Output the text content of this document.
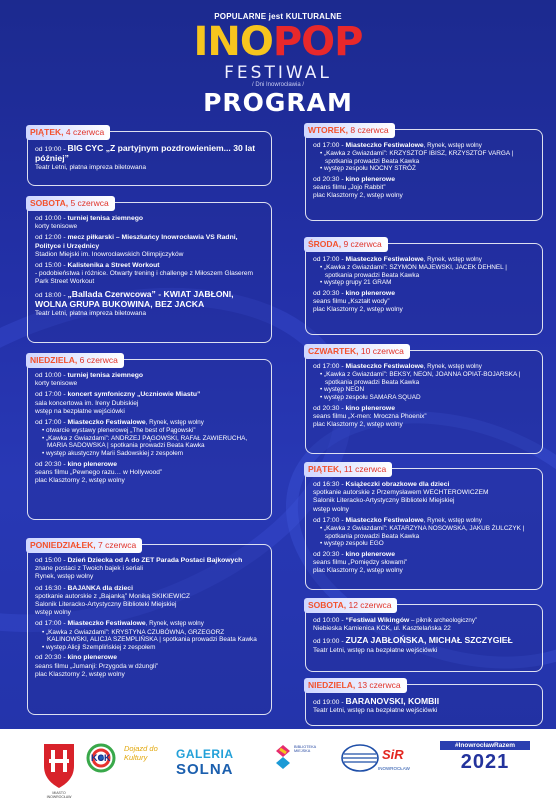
POPULARNE jest KULTURALNE
INOPOP
FESTIWAL
/ Dni Inowrocławia /
PROGRAM
PIĄTEK, 4 czerwca
od 19:00 - BIG CYC „Z partyjnym pozdrowieniem... 30 lat później”
Teatr Letni, płatna impreza biletowana
SOBOTA, 5 czerwca
od 10:00 - turniej tenisa ziemnego
korty tenisowe
od 12:00 - mecz piłkarski – Mieszkańcy Inowrocławia VS Radni, Polityce i Urzędnicy
Stadion Miejski im. Inowrocławskich Olimpijczyków
od 15:00 - Kalistenika a Street Workout
- podobieństwa i różnice. Otwarty trening i challenge z Miłoszem Glaserem
Park Street Workout
od 18:00 - „Ballada Czerwcowa” - KWIAT JABŁONI, WOLNA GRUPA BUKOWINA, BEZ JACKA
Teatr Letni, płatna impreza biletowana
NIEDZIELA, 6 czerwca
od 10:00 - turniej tenisa ziemnego
korty tenisowe
od 17:00 - koncert symfoniczny „Uczniowie Miastu”
sala koncertowa im. Ireny Dubiskiej
wstęp na bezpłatne wejściówki
od 17:00 - Miasteczko Festiwalowe, Rynek, wstęp wolny
• otwarcie wystawy plenerowej „The best of Pągowski”
• „Kawka z Gwiazdami”: ANDRZEJ PĄGOWSKI, RAFAŁ ZAWIERUCHA, MARIA SADOWSKA | spotkania prowadzi Beata Kawka
• występ akustyczny Marii Sadowskiej z zespołem
od 20:30 - kino plenerowe
seans filmu „Pewnego razu… w Hollywood”
plac Klasztorny 2, wstęp wolny
PONIEDZIAŁEK, 7 czerwca
od 15:00 - Dzień Dziecka od A do ZET Parada Postaci Bajkowych
znane postaci z Twoich bajek i seriali
Rynek, wstęp wolny
od 16:30 - BAJANKA dla dzieci
spotkanie autorskie z „Bajanką” Moniką SKIKIEWICZ
Salonik Literacko-Artystyczny Biblioteki Miejskiej
wstęp wolny
od 17:00 - Miasteczko Festiwalowe, Rynek, wstęp wolny
• „Kawka z Gwiazdami”: KRYSTYNA CZUBÓWNA, GRZEGORZ KALINOWSKI, ALICJA SZEMPLIŃSKA | spotkania prowadzi Beata Kawka
• występ Alicji Szemplińskiej z zespołem
od 20:30 - kino plenerowe
seans filmu „Jumanji: Przygoda w dżungli”
plac Klasztorny 2, wstęp wolny
WTOREK, 8 czerwca
od 17:00 - Miasteczko Festiwalowe, Rynek, wstęp wolny
• „Kawka z Gwiazdami”: KRZYSZTOF IBISZ, KRZYSZTOF VARGA | spotkania prowadzi Beata Kawka
• występ zespołu NOCNY STRÓŻ
od 20:30 - kino plenerowe
seans filmu „Jojo Rabbit”
plac Klasztorny 2, wstęp wolny
ŚRODA, 9 czerwca
od 17:00 - Miasteczko Festiwalowe, Rynek, wstęp wolny
• „Kawka z Gwiazdami”: SZYMON MAJEWSKI, JACEK DEHNEL | spotkania prowadzi Beata Kawka
• występ grupy 21 GRAM
od 20:30 - kino plenerowe
seans filmu „Kształt wody”
plac Klasztorny 2, wstęp wolny
CZWARTEK, 10 czerwca
od 17:00 - Miasteczko Festiwalowe, Rynek, wstęp wolny
• „Kawka z Gwiazdami”: BEKSY, NEON, JOANNA OPIAT-BOJARSKA | spotkania prowadzi Beata Kawka
• występ NEON
• występ zespołu SAMARA SQUAD
od 20:30 - kino plenerowe
seans filmu „X-men: Mroczna Phoenix”
plac Klasztorny 2, wstęp wolny
PIĄTEK, 11 czerwca
od 16:30 - Książeczki obrazkowe dla dzieci
spotkanie autorskie z Przemysławem WECHTEROWICZEM
Salonik Literacko-Artystyczny Biblioteki Miejskiej
wstęp wolny
od 17:00 - Miasteczko Festiwalowe, Rynek, wstęp wolny
• „Kawka z Gwiazdami”: KATARZYNA NOSOWSKA, JAKUB ŻULCZYK | spotkania prowadzi Beata Kawka
• występ zespołu EGO
od 20:30 - kino plenerowe
seans filmu „Pomiędzy słowami”
plac Klasztorny 2, wstęp wolny
SOBOTA, 12 czerwca
od 10:00 - “Festiwal Wikingów – piknik archeologiczny”
Niebieska Kamienica KCK, ul. Kasztelańska 22
od 19:00 - ZUZA JABŁOŃSKA, MICHAŁ SZCZYGIEŁ
Teatr Letni, wstęp na bezpłatne wejściówki
NIEDZIELA, 13 czerwca
od 19:00 - BARANOVSKI, KOMBII
Teatr Letni, wstęp na bezpłatne wejściówki
MIASTO INOWROCŁAW
KCK
Dojazd do Kultury	GALERIA
SOLNA
BIBLIOTEKA MIEJSKA	SiR
INOWROCŁAW
#InowrocławRazem
2021
